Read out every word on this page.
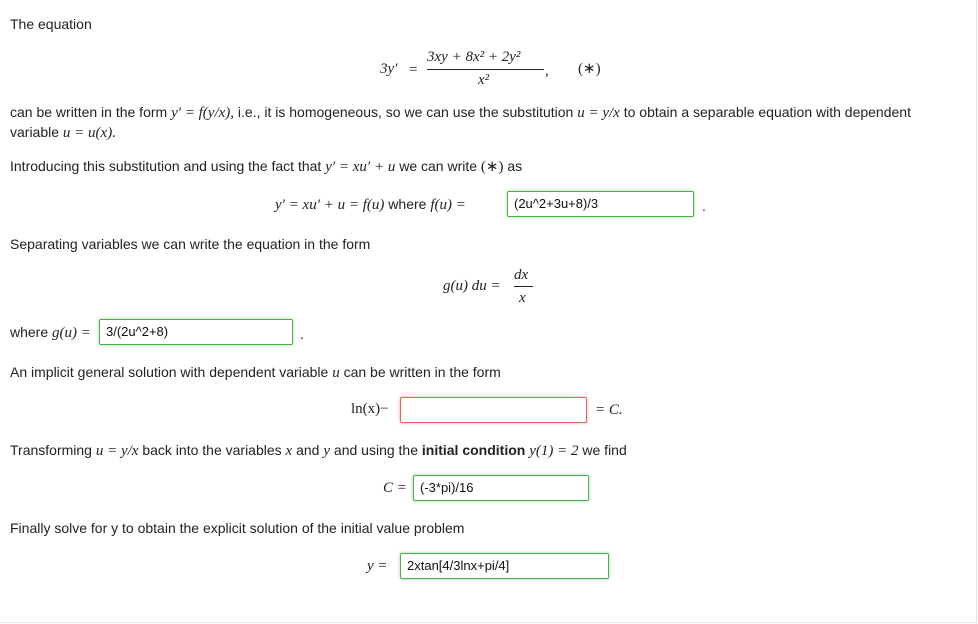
The equation
3y′ =
3xy + 8x² + 2y²
x²
, (∗)
can be written in the form y′ = f(y/x), i.e., it is homogeneous, so we can use the substitution u = y/x to obtain a separable equation with dependent
variable u = u(x).
Introducing this substitution and using the fact that y′ = xu′ + u we can write (∗) as
y′ = xu′ + u = f(u) where f(u) =	(2u^2+3u+8)/3	.
Separating variables we can write the equation in the form
g(u) du =
dx
x
where g(u) =	3/(2u^2+8)	.
An implicit general solution with dependent variable u can be written in the form
ln(x)−	= C.
Transforming u = y/x back into the variables x and y and using the initial condition y(1) = 2 we find
C =	(-3*pi)/16
Finally solve for y to obtain the explicit solution of the initial value problem
y =	2xtan[4/3lnx+pi/4]
